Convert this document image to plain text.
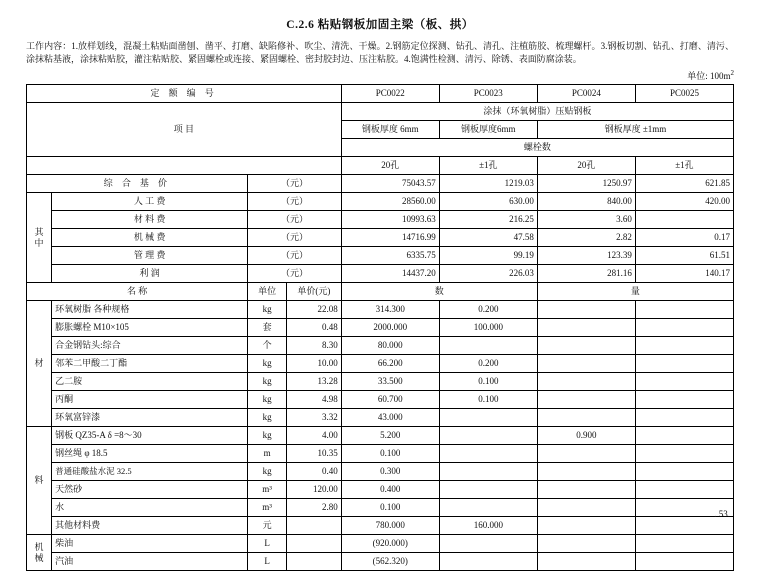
C.2.6 粘贴钢板加固主梁（板、拱）
工作内容：1.放样划线，混凝土粘贴面凿刨、凿平、打磨、缺陷修补、吹尘、清洗、干燥。2.钢筋定位探测、钻孔、清孔、注植筋胶、梳理螺杆。3.钢板切割、钻孔、打磨、清污、涂抹粘基液，涂抹粘贴胶，灌注粘贴胶、紧固螺栓或连接、紧固螺栓、密封胶封边、压注粘胶。4.饱满性检测、清污、除锈、表面防腐涂装。
单位: $100m^2$
定 额 编 号				PC0022	PC0023	PC0024	PC0025
项 目				涂抹（环氧树脂）压贴钢板			
				钢板厚度 6mm	钢板厚度6mm	钢板厚度 ±1mm	
				螺栓数			
				20孔	±1孔	20孔	±1孔
综 合 基 价		（元）		75043.57	1219.03	1250.97	621.85
其
中	人 工 费	（元）		28560.00	630.00	840.00	420.00
	材 料 费	（元）		10993.63	216.25	3.60	
	机 械 费	（元）		14716.99	47.58	2.82	0.17
	管 理 费	（元）		6335.75	99.19	123.39	61.51
	利 润	（元）		14437.20	226.03	281.16	140.17
名 称		单位	单价(元)	数		量	
材	环氧树脂 各种规格	kg	22.08	314.300	0.200		
	膨胀螺栓 M10×105	套	0.48	2000.000	100.000		
	合金钢钻头:综合	个	8.30	80.000			
	邻苯二甲酸二丁酯	kg	10.00	66.200	0.200		
	乙二胺	kg	13.28	33.500	0.100		
	丙酮	kg	4.98	60.700	0.100		
	环氧富锌漆	kg	3.32	43.000			
料	钢板 QZ35-A δ =8～30	kg	4.00	5.200		0.900	
	钢丝绳 φ 18.5	m	10.35	0.100			
	普通硅酸盐水泥 32.5	kg	0.40	0.300			
	天然砂	m³	120.00	0.400			
	水	m³	2.80	0.100			
	其他材料费	元		780.000	160.000		
机
械	柴油	L		(920.000)			
	汽油	L		(562.320)			
. 53.
